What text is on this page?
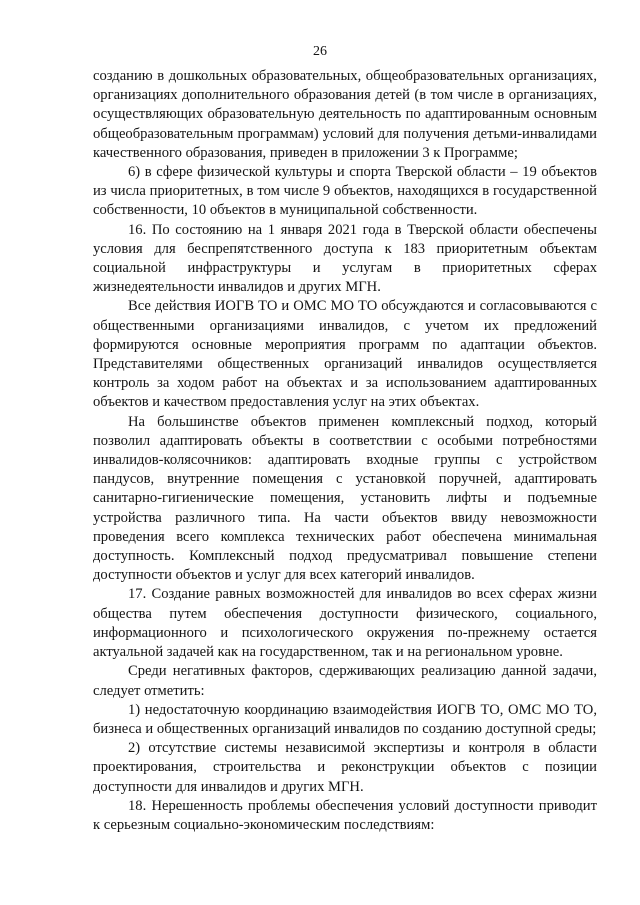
26

созданию в дошкольных образовательных, общеобразовательных организациях, организациях дополнительного образования детей (в том числе в организациях, осуществляющих образовательную деятельность по адаптированным основным общеобразовательным программам) условий для получения детьми-инвалидами качественного образования, приведен в приложении 3 к Программе;

6) в сфере физической культуры и спорта Тверской области – 19 объектов из числа приоритетных, в том числе 9 объектов, находящихся в государственной собственности, 10 объектов в муниципальной собственности.

16. По состоянию на 1 января 2021 года в Тверской области обеспечены условия для беспрепятственного доступа к 183 приоритетным объектам социальной инфраструктуры и услугам в приоритетных сферах жизнедеятельности инвалидов и других МГН.

Все действия ИОГВ ТО и ОМС МО ТО обсуждаются и согласовываются с общественными организациями инвалидов, с учетом их предложений формируются основные мероприятия программ по адаптации объектов. Представителями общественных организаций инвалидов осуществляется контроль за ходом работ на объектах и за использованием адаптированных объектов и качеством предоставления услуг на этих объектах.

На большинстве объектов применен комплексный подход, который позволил адаптировать объекты в соответствии с особыми потребностями инвалидов-колясочников: адаптировать входные группы с устройством пандусов, внутренние помещения с установкой поручней, адаптировать санитарно-гигиенические помещения, установить лифты и подъемные устройства различного типа. На части объектов ввиду невозможности проведения всего комплекса технических работ обеспечена минимальная доступность. Комплексный подход предусматривал повышение степени доступности объектов и услуг для всех категорий инвалидов.

17. Создание равных возможностей для инвалидов во всех сферах жизни общества путем обеспечения доступности физического, социального, информационного и психологического окружения по-прежнему остается актуальной задачей как на государственном, так и на региональном уровне.

Среди негативных факторов, сдерживающих реализацию данной задачи, следует отметить:

1) недостаточную координацию взаимодействия ИОГВ ТО, ОМС МО ТО, бизнеса и общественных организаций инвалидов по созданию доступной среды;

2) отсутствие системы независимой экспертизы и контроля в области проектирования, строительства и реконструкции объектов с позиции доступности для инвалидов и других МГН.

18. Нерешенность проблемы обеспечения условий доступности приводит к серьезным социально-экономическим последствиям:
